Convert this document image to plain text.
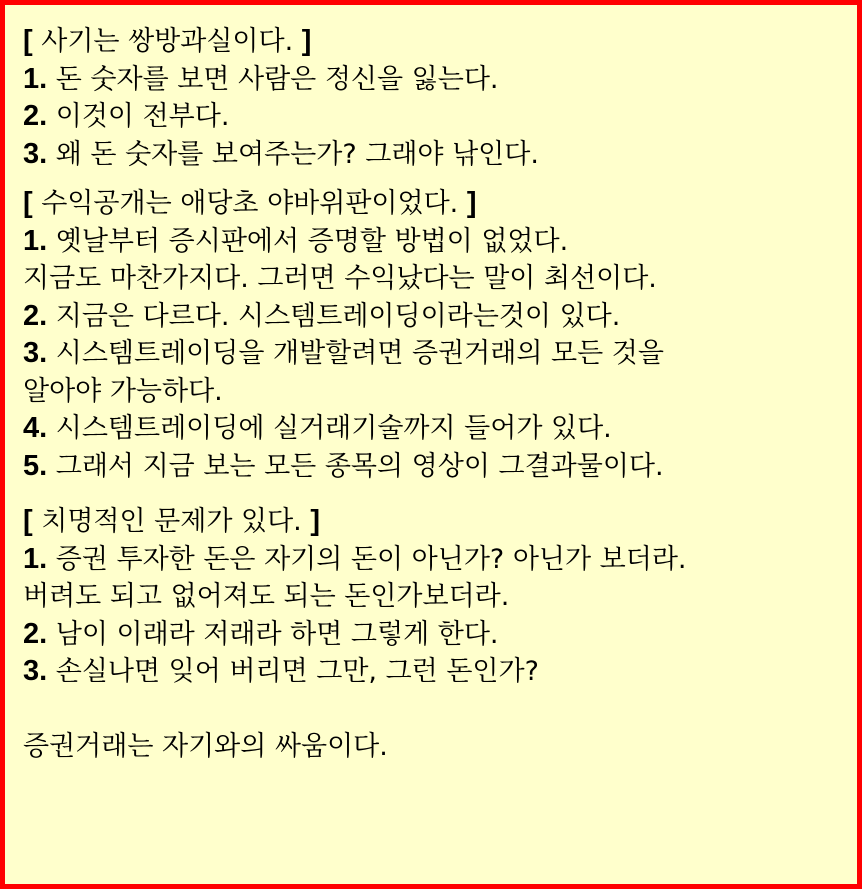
[ 사기는 쌍방과실이다. ]
1. 돈 숫자를 보면 사람은 정신을 잃는다.
2. 이것이 전부다.
3. 왜 돈 숫자를 보여주는가? 그래야 낚인다.
[ 수익공개는 애당초 야바위판이었다. ]
1. 옛날부터 증시판에서 증명할 방법이 없었다.
지금도 마찬가지다. 그러면 수익났다는 말이 최선이다.
2. 지금은 다르다. 시스템트레이딩이라는것이 있다.
3. 시스템트레이딩을 개발할려면 증권거래의 모든 것을
알아야 가능하다.
4. 시스템트레이딩에 실거래기술까지 들어가 있다.
5. 그래서 지금 보는 모든 종목의 영상이 그결과물이다.
[ 치명적인 문제가 있다. ]
1. 증권 투자한 돈은 자기의 돈이 아닌가? 아닌가 보더라.
버려도 되고 없어져도 되는 돈인가보더라.
2. 남이 이래라 저래라 하면 그렇게 한다.
3. 손실나면 잊어 버리면 그만, 그런 돈인가?
증권거래는 자기와의 싸움이다.
